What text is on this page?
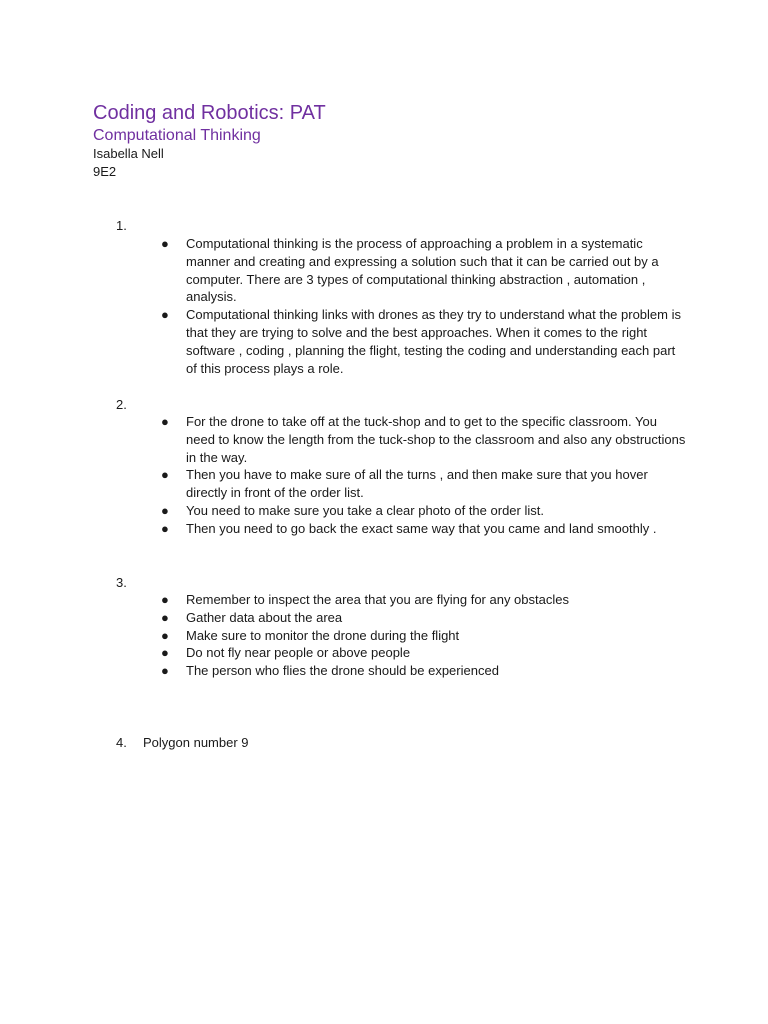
Coding and Robotics: PAT
Computational Thinking
Isabella Nell
9E2
1.
● Computational thinking is the process of approaching a problem in a systematic manner and creating and expressing a solution such that it can be carried out by a computer. There are 3 types of computational thinking abstraction , automation , analysis.
● Computational thinking links with drones as they try to understand what the problem is that they are trying to solve and the best approaches. When it comes to the right software , coding , planning the flight, testing the coding and understanding each part of this process plays a role.
2.
● For the drone to take off at the tuck-shop and to get to the specific classroom. You need to know the length from the tuck-shop to the classroom and also any obstructions in the way.
● Then you have to make sure of all the turns , and then make sure that you hover directly in front of the order list.
● You need to make sure you take a clear photo of the order list.
● Then you need to go back the exact same way that you came and land smoothly .
3.
● Remember to inspect the area that you are flying for any obstacles
● Gather data about the area
● Make sure to monitor the drone during the flight
● Do not fly near people or above people
● The person who flies the drone should be experienced
4. Polygon number 9
